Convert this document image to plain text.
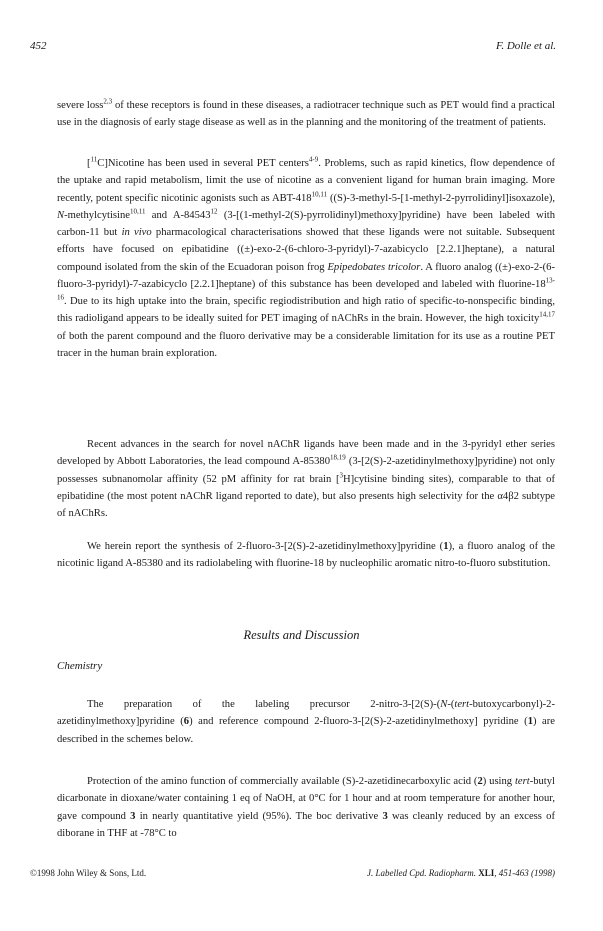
452	F. Dolle et al.

severe loss$^{2,3}$ of these receptors is found in these diseases, a radiotracer technique such as PET would find a practical use in the diagnosis of early stage disease as well as in the planning and the monitoring of the treatment of patients.

[$^{11}$C]Nicotine has been used in several PET centers$^{4-9}$. Problems, such as rapid kinetics, flow dependence of the uptake and rapid metabolism, limit the use of nicotine as a convenient ligand for human brain imaging. More recently, potent specific nicotinic agonists such as ABT-418$^{10,11}$ ((S)-3-methyl-5-[1-methyl-2-pyrrolidinyl]isoxazole), N-methylcytisine$^{10,11}$ and A-84543$^{12}$ (3-[(1-methyl-2(S)-pyrrolidinyl)methoxy]pyridine) have been labeled with carbon-11 but in vivo pharmacological characterisations showed that these ligands were not suitable. Subsequent efforts have focused on epibatidine ((±)-exo-2-(6-chloro-3-pyridyl)-7-azabicyclo [2.2.1]heptane), a natural compound isolated from the skin of the Ecuadoran poison frog Epipedobates tricolor. A fluoro analog ((±)-exo-2-(6-fluoro-3-pyridyl)-7-azabicyclo [2.2.1]heptane) of this substance has been developed and labeled with fluorine-18$^{13-16}$. Due to its high uptake into the brain, specific regiodistribution and high ratio of specific-to-nonspecific binding, this radioligand appears to be ideally suited for PET imaging of nAChRs in the brain. However, the high toxicity$^{14,17}$ of both the parent compound and the fluoro derivative may be a considerable limitation for its use as a routine PET tracer in the human brain exploration.

Recent advances in the search for novel nAChR ligands have been made and in the 3-pyridyl ether series developed by Abbott Laboratories, the lead compound A-85380$^{18,19}$ (3-[2(S)-2-azetidinylmethoxy]pyridine) not only possesses subnanomolar affinity (52 pM affinity for rat brain [$^3$H]cytisine binding sites), comparable to that of epibatidine (the most potent nAChR ligand reported to date), but also presents high selectivity for the α4β2 subtype of nAChRs.

We herein report the synthesis of 2-fluoro-3-[2(S)-2-azetidinylmethoxy]pyridine (1), a fluoro analog of the nicotinic ligand A-85380 and its radiolabeling with fluorine-18 by nucleophilic aromatic nitro-to-fluoro substitution.

Results and Discussion
Chemistry

The preparation of the labeling precursor 2-nitro-3-[2(S)-(N-(tert-butoxycarbonyl)-2-azetidinylmethoxy]pyridine (6) and reference compound 2-fluoro-3-[2(S)-2-azetidinylmethoxy] pyridine (1) are described in the schemes below.

Protection of the amino function of commercially available (S)-2-azetidinecarboxylic acid (2) using tert-butyl dicarbonate in dioxane/water containing 1 eq of NaOH, at 0°C for 1 hour and at room temperature for another hour, gave compound 3 in nearly quantitative yield (95%). The boc derivative 3 was cleanly reduced by an excess of diborane in THF at -78°C to

©1998 John Wiley & Sons, Ltd.	J. Labelled Cpd. Radiopharm. XLI, 451-463 (1998)
